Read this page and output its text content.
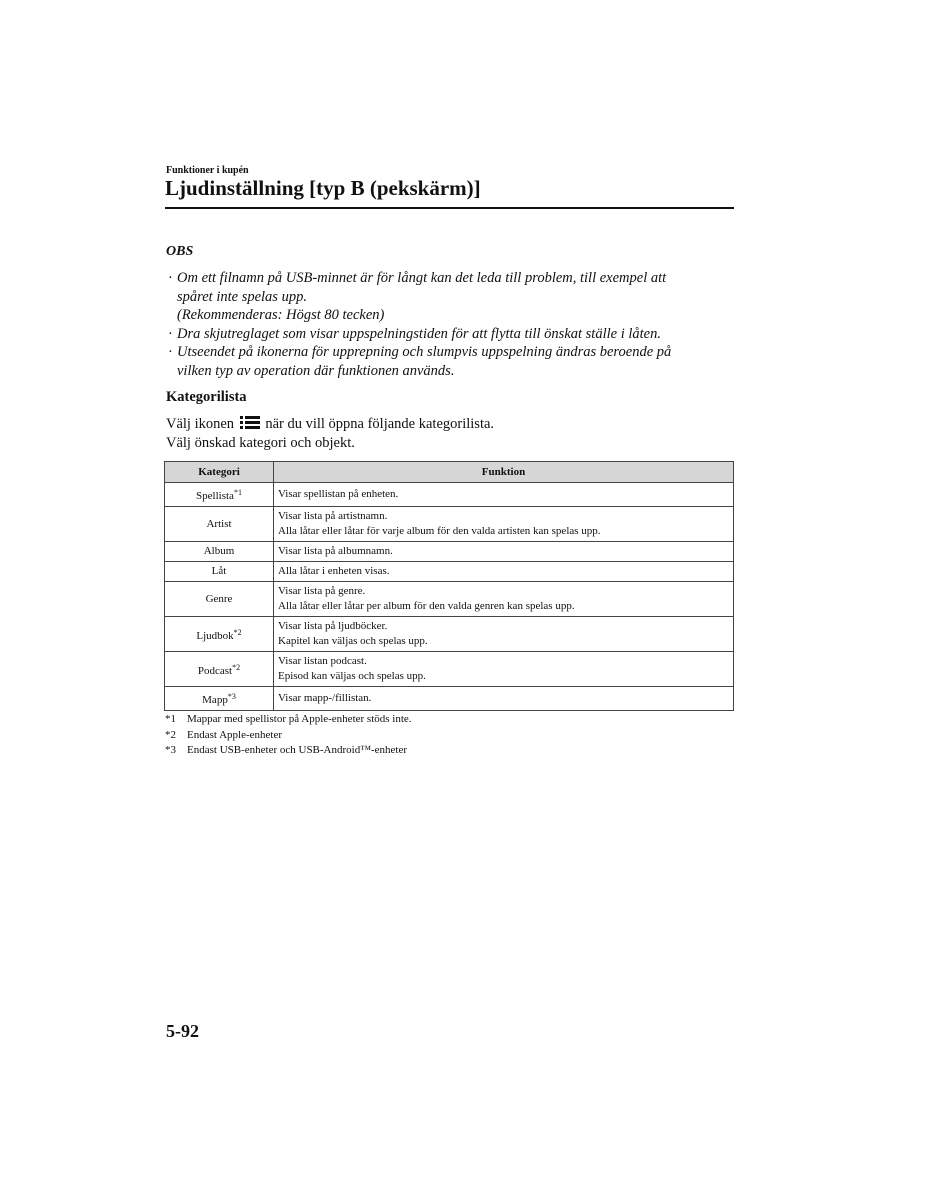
Funktioner i kupén
Ljudinställning [typ B (pekskärm)]
OBS
· Om ett filnamn på USB-minnet är för långt kan det leda till problem, till exempel att
spåret inte spelas upp.
(Rekommenderas: Högst 80 tecken)
· Dra skjutreglaget som visar uppspelningstiden för att flytta till önskat ställe i låten.
· Utseendet på ikonerna för upprepning och slumpvis uppspelning ändras beroende på
vilken typ av operation där funktionen används.
Kategorilista
Välj ikonen när du vill öppna följande kategorilista.
Välj önskad kategori och objekt.
Kategori	Funktion
Spellista$^{*1}$	Visar spellistan på enheten.

Artist	Visar lista på artistnamn.
Alla låtar eller låtar för varje album för den valda artisten kan spelas upp.

Album	Visar lista på albumnamn.

Låt	Alla låtar i enheten visas.

Genre	Visar lista på genre.
Alla låtar eller låtar per album för den valda genren kan spelas upp.

Ljudbok$^{*2}$	Visar lista på ljudböcker.
Kapitel kan väljas och spelas upp.

Podcast$^{*2}$	Visar listan podcast.
Episod kan väljas och spelas upp.

Mapp$^{*3}$	Visar mapp-/fillistan.
*1	Mappar med spellistor på Apple-enheter stöds inte.
*2	Endast Apple-enheter
*3	Endast USB-enheter och USB-Android™-enheter
5-92
